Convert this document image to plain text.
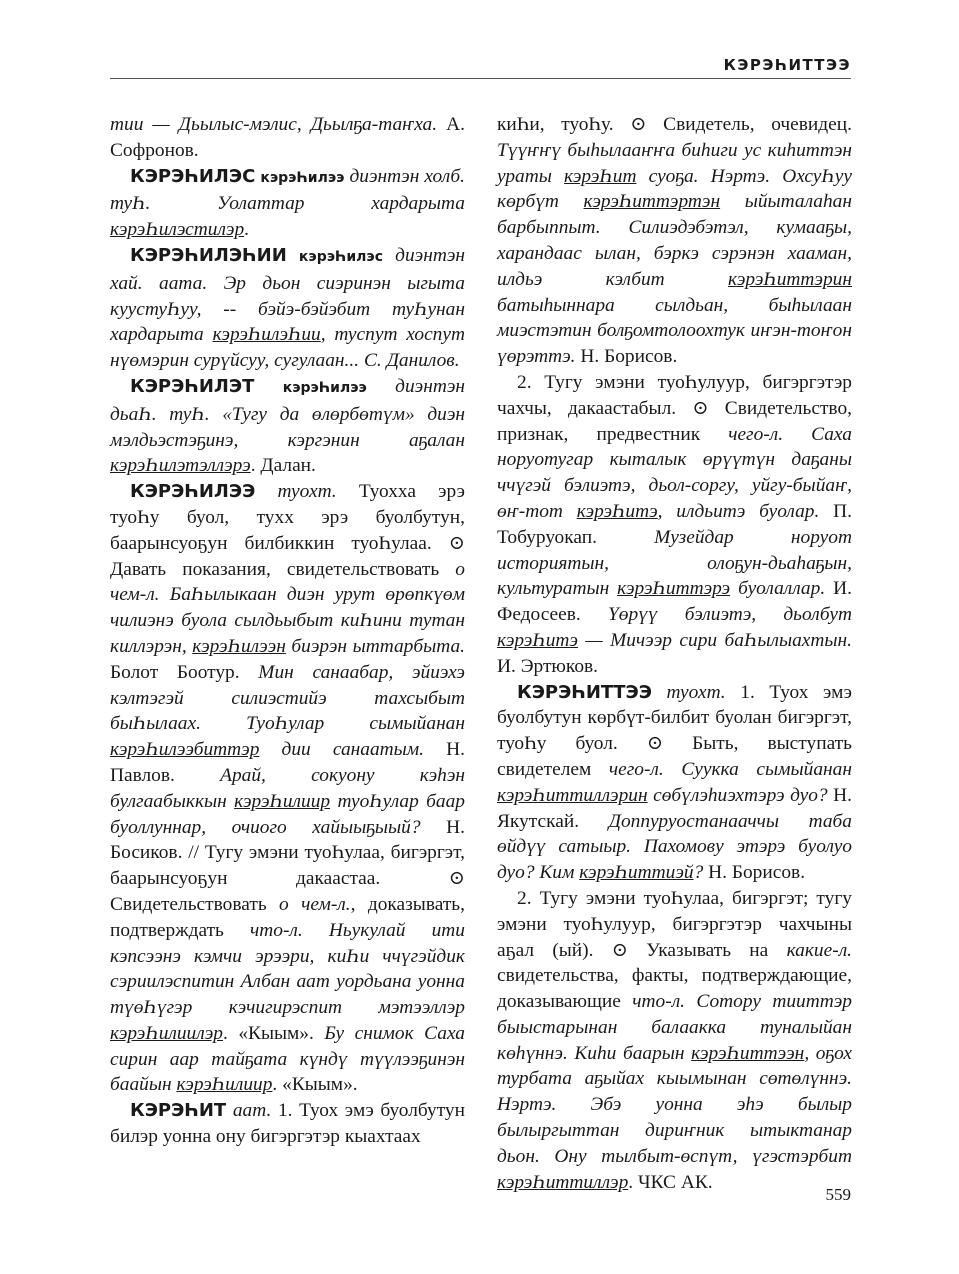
КЭРЭҺИТТЭЭ

тии — Дьылыс-мэлис, Дьылҕа-таҥха. А. Софронов.

КЭРЭҺИЛЭС кэрэҺилээ диэнтэн холб. туҺ. Уолаттар хардарыта кэрэҺилэстилэр.

КЭРЭҺИЛЭҺИИ кэрэҺилэс диэнтэн хай. аата. Эр дьон сиэринэн ыгыта куустуҺуу, -- бэйэ-бэйэбит туҺунан хардарыта кэрэҺилэҺии, туспут хоспут нүөмэрин сурүйсуу, сугулаан... С. Данилов.

КЭРЭҺИЛЭТ кэрэҺилээ диэнтэн дьаҺ. туҺ. «Тугу да өлөрбөтүм» диэн мэлдьэстэҕинэ, кэргэнин аҕалан кэрэҺилэтэллэрэ. Далан.

КЭРЭҺИЛЭЭ туохт. Туохха эрэ туоҺу буол, тухх эрэ буолбутун, баарынсуоҕун билбиккин туоҺулаа. ⊙ Давать показания, свидетельствовать о чем-л. БаҺылыкаан диэн урут өрөпкүөм чилиэнэ буола сылдьыбыт киҺини тутан киллэрэн, кэрэҺилээн биэрэн ыттарбыта. Болот Боотур. Мин санаабар, эйиэхэ кэлтэгэй силиэстийэ тахсыбыт быҺылаах. ТуоҺулар сымыйанан кэрэҺилээбиттэр дии санаатым. Н. Павлов. Арай, сокуону кэһэн булгаабыккын кэрэҺилиир туоҺулар баар буоллуннар, очиого хайыыҕыый? Н. Босиков. // Тугу эмэни туоҺулаа, бигэргэт, баарынсуоҕун дакаастаа. ⊙ Свидетельствовать о чем-л., доказывать, подтверждать что-л. Ньукулай ити кэпсээнэ кэмчи эрээри, киҺи ччүгэйдик сэриилэспитин Албан аат уордьана уонна түөҺүгэр кэчигирэспит мэтээллэр кэрэҺилиилэр. «Кыым». Бу снимок Саха сирин аар тайҕата күндү түүлээҕинэн баайын кэрэҺилиир. «Кыым».

КЭРЭҺИТ аат. 1. Туох эмэ буолбутун билэр уонна ону бигэргэтэр кыахтаах

киҺи, туоҺу. ⊙ Свидетель, очевидец. Түүҥҥү быһылааҥҥа биһиги ус киһиттэн ураты кэрэҺит суоҕа. Нэртэ. ОхсуҺуу көрбүт кэрэҺиттэртэн ыйыталаһан барбыппыт. Силиэдэбэтэл, кумааҕы, харандаас ылан, бэркэ сэрэнэн хааман, илдьэ кэлбит	кэрэҺиттэрин батыһыннара сылдьан, быһылаан миэстэтин болҕомтолоохтук иҥэн-тоҥон үөрэттэ. Н. Борисов.

2. Тугу эмэни туоҺулуур, бигэргэтэр чахчы, дакаастабыл. ⊙ Свидетельство, признак, предвестник чего-л. Саха норуотугар кыталык өрүүтүн даҕаны ччүгэй бэлиэтэ, дьол-соргу, уйгу-быйаҥ, өҥ-тот кэрэҺитэ, илдьитэ буолар. П. Тобуруокап.	Музейдар норуот историятын, олоҕун-дьаһаҕын, культуратын кэрэҺиттэрэ буолаллар. И. Федосеев. Үөрүү бэлиэтэ, дьолбут кэрэҺитэ — Мичээр сири баҺылыахтын. И. Эртюков.

КЭРЭҺИТТЭЭ туохт. 1. Туох эмэ буолбутун көрбүт-билбит буолан бигэргэт, туоҺу буол. ⊙ Быть, выступать свидетелем чего-л. Суукка сымыйанан кэрэҺиттиллэрин сөбүлэһиэхтэрэ дуо? Н. Якутскай. Доппуруостанааччы таба өйдүү сатыыр. Пахомову этэрэ буолуо дуо? Ким кэрэҺиттиэй? Н. Борисов.

2. Тугу эмэни туоҺулаа, бигэргэт; тугу эмэни туоҺулуур, бигэргэтэр чахчыны аҕал (ый). ⊙ Указывать на какие-л. свидетельства, факты, подтверждающие, доказывающие что-л. Сотору тииттэр быыстарынан балаакка туналыйан көһүннэ. Киһи баарын кэрэҺиттээн, оҕох турбата аҕыйах кыымынан сөтөлүннэ. Нэртэ. Эбэ уонна эһэ былыр былыргыттан дириҥник ытыктанар дьон. Ону тылбыт-өспүт, үгэстэрбит кэрэҺиттиллэр. ЧКС АК.

559
